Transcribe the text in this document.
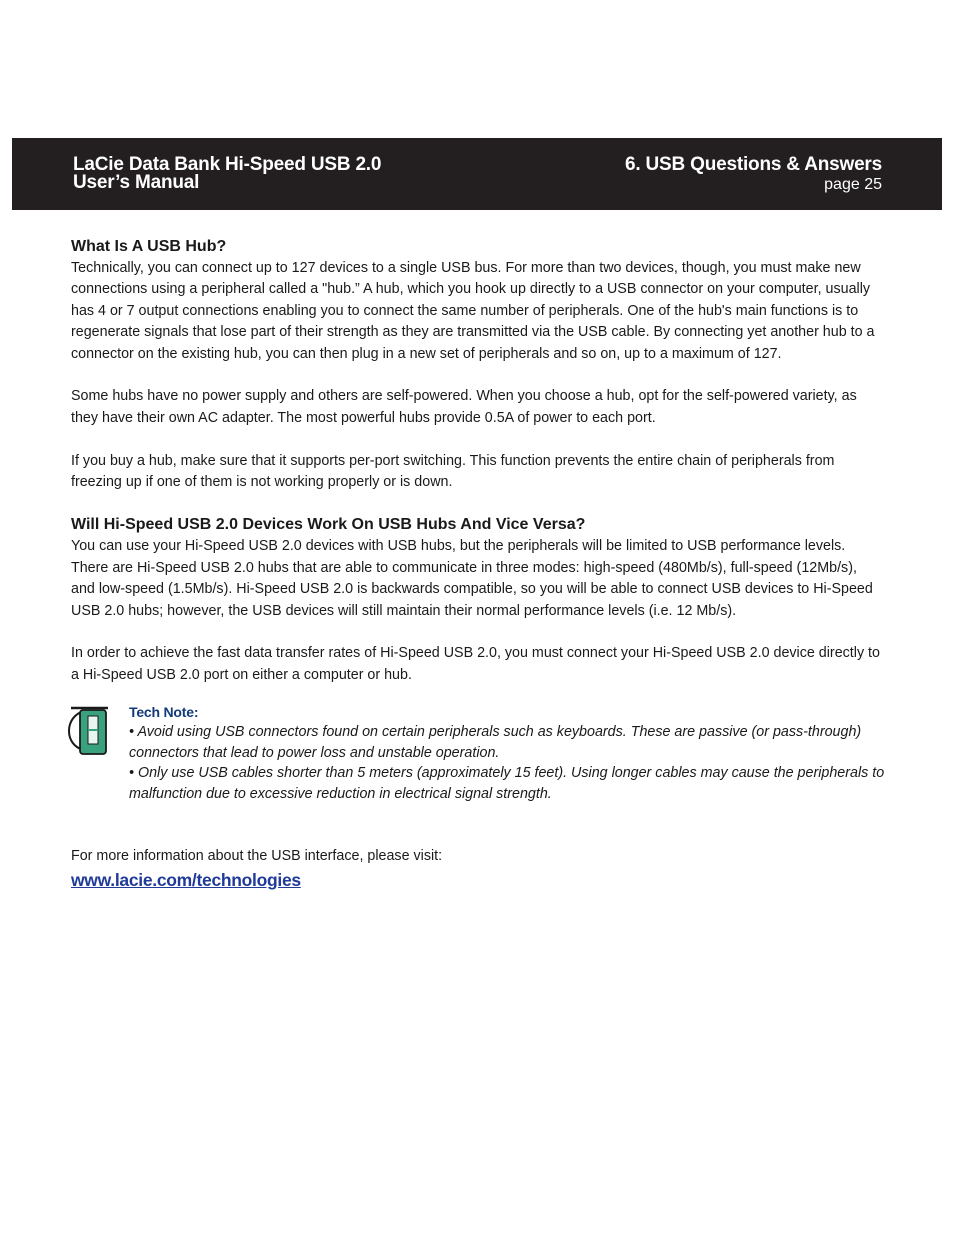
LaCie Data Bank Hi-Speed USB 2.0
User’s Manual
6. USB Questions & Answers
page 25
What Is A USB Hub?

Technically, you can connect up to 127 devices to a single USB bus. For more than two devices, though, you must make new connections using a peripheral called a "hub.” A hub, which you hook up directly to a USB connector on your computer, usually has 4 or 7 output connections enabling you to connect the same number of peripherals. One of the hub's main functions is to regenerate signals that lose part of their strength as they are transmitted via the USB cable. By connecting yet another hub to a connector on the existing hub, you can then plug in a new set of peripherals and so on, up to a maximum of 127.

Some hubs have no power supply and others are self-powered. When you choose a hub, opt for the self-powered variety, as they have their own AC adapter. The most powerful hubs provide 0.5A of power to each port.

If you buy a hub, make sure that it supports per-port switching. This function prevents the entire chain of peripherals from freezing up if one of them is not working properly or is down.

Will Hi-Speed USB 2.0 Devices Work On USB Hubs And Vice Versa?

You can use your Hi-Speed USB 2.0 devices with USB hubs, but the peripherals will be limited to USB performance levels. There are Hi-Speed USB 2.0 hubs that are able to communicate in three modes: high-speed (480Mb/s), full-speed (12Mb/s), and low-speed (1.5Mb/s). Hi-Speed USB 2.0 is backwards compatible, so you will be able to connect USB devices to Hi-Speed USB 2.0 hubs; however, the USB devices will still maintain their normal performance levels (i.e. 12 Mb/s).

In order to achieve the fast data transfer rates of Hi-Speed USB 2.0, you must connect your Hi-Speed USB 2.0 device directly to a Hi-Speed USB 2.0 port on either a computer or hub.

Tech Note:

• Avoid using USB connectors found on certain peripherals such as keyboards. These are passive (or pass-through) connectors that lead to power loss and unstable operation.

• Only use USB cables shorter than 5 meters (approximately 15 feet). Using longer cables may cause the peripherals to malfunction due to excessive reduction in electrical signal strength.

For more information about the USB interface, please visit:

www.lacie.com/technologies
